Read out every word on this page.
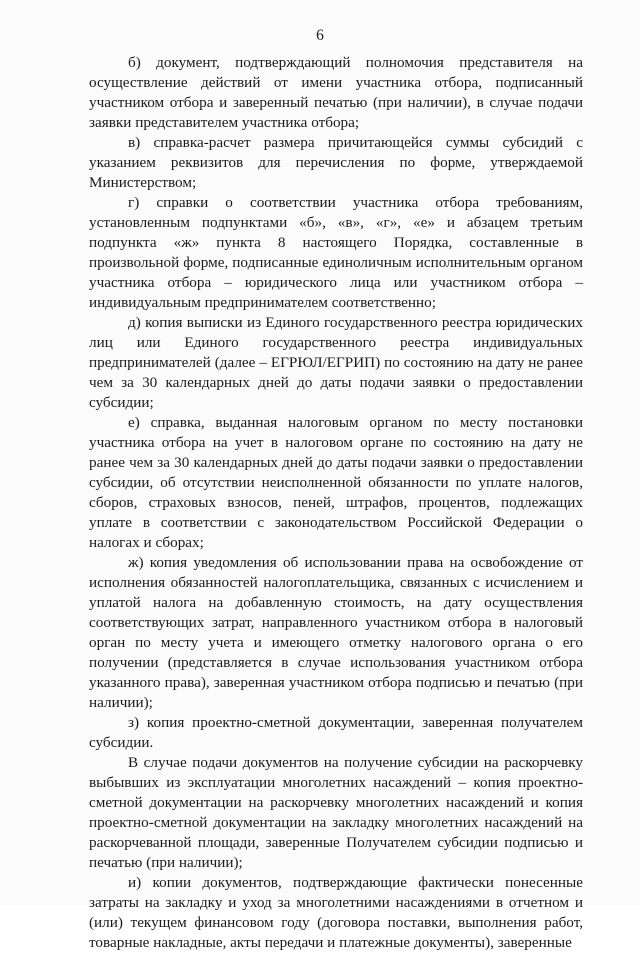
6

б) документ, подтверждающий полномочия представителя на осуществление действий от имени участника отбора, подписанный участником отбора и заверенный печатью (при наличии), в случае подачи заявки представителем участника отбора;

в) справка-расчет размера причитающейся суммы субсидий с указанием реквизитов для перечисления по форме, утверждаемой Министерством;

г) справки о соответствии участника отбора требованиям, установленным подпунктами «б», «в», «г», «е» и абзацем третьим подпункта «ж» пункта 8 настоящего Порядка, составленные в произвольной форме, подписанные единоличным исполнительным органом участника отбора – юридического лица или участником отбора – индивидуальным предпринимателем соответственно;

д) копия выписки из Единого государственного реестра юридических лиц или Единого государственного реестра индивидуальных предпринимателей (далее – ЕГРЮЛ/ЕГРИП) по состоянию на дату не ранее чем за 30 календарных дней до даты подачи заявки о предоставлении субсидии;

е) справка, выданная налоговым органом по месту постановки участника отбора на учет в налоговом органе по состоянию на дату не ранее чем за 30 календарных дней до даты подачи заявки о предоставлении субсидии, об отсутствии неисполненной обязанности по уплате налогов, сборов, страховых взносов, пеней, штрафов, процентов, подлежащих уплате в соответствии с законодательством Российской Федерации о налогах и сборах;

ж) копия уведомления об использовании права на освобождение от исполнения обязанностей налогоплательщика, связанных с исчислением и уплатой налога на добавленную стоимость, на дату осуществления соответствующих затрат, направленного участником отбора в налоговый орган по месту учета и имеющего отметку налогового органа о его получении (представляется в случае использования участником отбора указанного права), заверенная участником отбора подписью и печатью (при наличии);

з) копия проектно-сметной документации, заверенная получателем субсидии.

В случае подачи документов на получение субсидии на раскорчевку выбывших из эксплуатации многолетних насаждений – копия проектно-сметной документации на раскорчевку многолетних насаждений и копия проектно-сметной документации на закладку многолетних насаждений на раскорчеванной площади, заверенные Получателем субсидии подписью и печатью (при наличии);

и) копии документов, подтверждающие фактически понесенные затраты на закладку и уход за многолетними насаждениями в отчетном и (или) текущем финансовом году (договора поставки, выполнения работ, товарные накладные, акты передачи и платежные документы), заверенные
